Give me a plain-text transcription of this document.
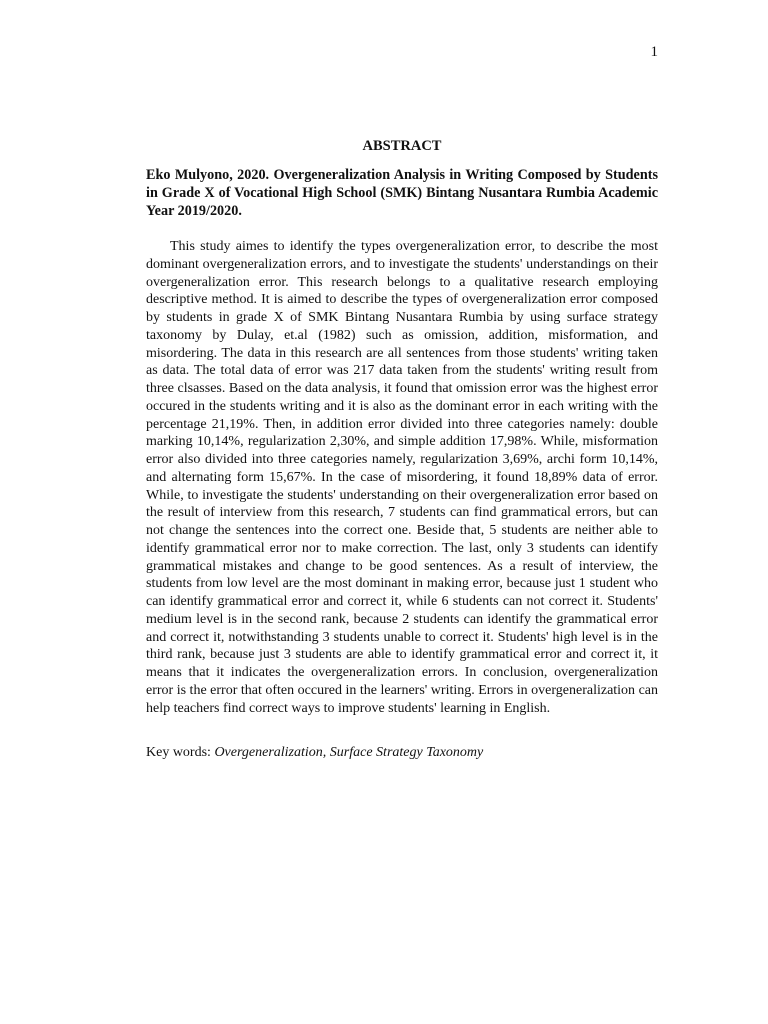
1
ABSTRACT

Eko Mulyono, 2020. Overgeneralization Analysis in Writing Composed by Students in Grade X of Vocational High School (SMK) Bintang Nusantara Rumbia Academic Year 2019/2020.

This study aimes to identify the types overgeneralization error, to describe the most dominant overgeneralization errors, and to investigate the students' understandings on their overgeneralization error. This research belongs to a qualitative research employing descriptive method. It is aimed to describe the types of overgeneralization error composed by students in grade X of SMK Bintang Nusantara Rumbia by using surface strategy taxonomy by Dulay, et.al (1982) such as omission, addition, misformation, and misordering. The data in this research are all sentences from those students' writing taken as data. The total data of error was 217 data taken from the students' writing result from three clsasses. Based on the data analysis, it found that omission error was the highest error occured in the students writing and it is also as the dominant error in each writing with the percentage 21,19%. Then, in addition error divided into three categories namely: double marking 10,14%, regularization 2,30%, and simple addition 17,98%. While, misformation error also divided into three categories namely, regularization 3,69%, archi form 10,14%, and alternating form 15,67%. In the case of misordering, it found 18,89% data of error. While, to investigate the students' understanding on their overgeneralization error based on the result of interview from this research, 7 students can find grammatical errors, but can not change the sentences into the correct one. Beside that, 5 students are neither able to identify grammatical error nor to make correction. The last, only 3 students can identify grammatical mistakes and change to be good sentences. As a result of interview, the students from low level are the most dominant in making error, because just 1 student who can identify grammatical error and correct it, while 6 students can not correct it. Students' medium level is in the second rank, because 2 students can identify the grammatical error and correct it, notwithstanding 3 students unable to correct it. Students' high level is in the third rank, because just 3 students are able to identify grammatical error and correct it, it means that it indicates the overgeneralization errors. In conclusion, overgeneralization error is the error that often occured in the learners' writing. Errors in overgeneralization can help teachers find correct ways to improve students' learning in English.

Key words: Overgeneralization, Surface Strategy Taxonomy
